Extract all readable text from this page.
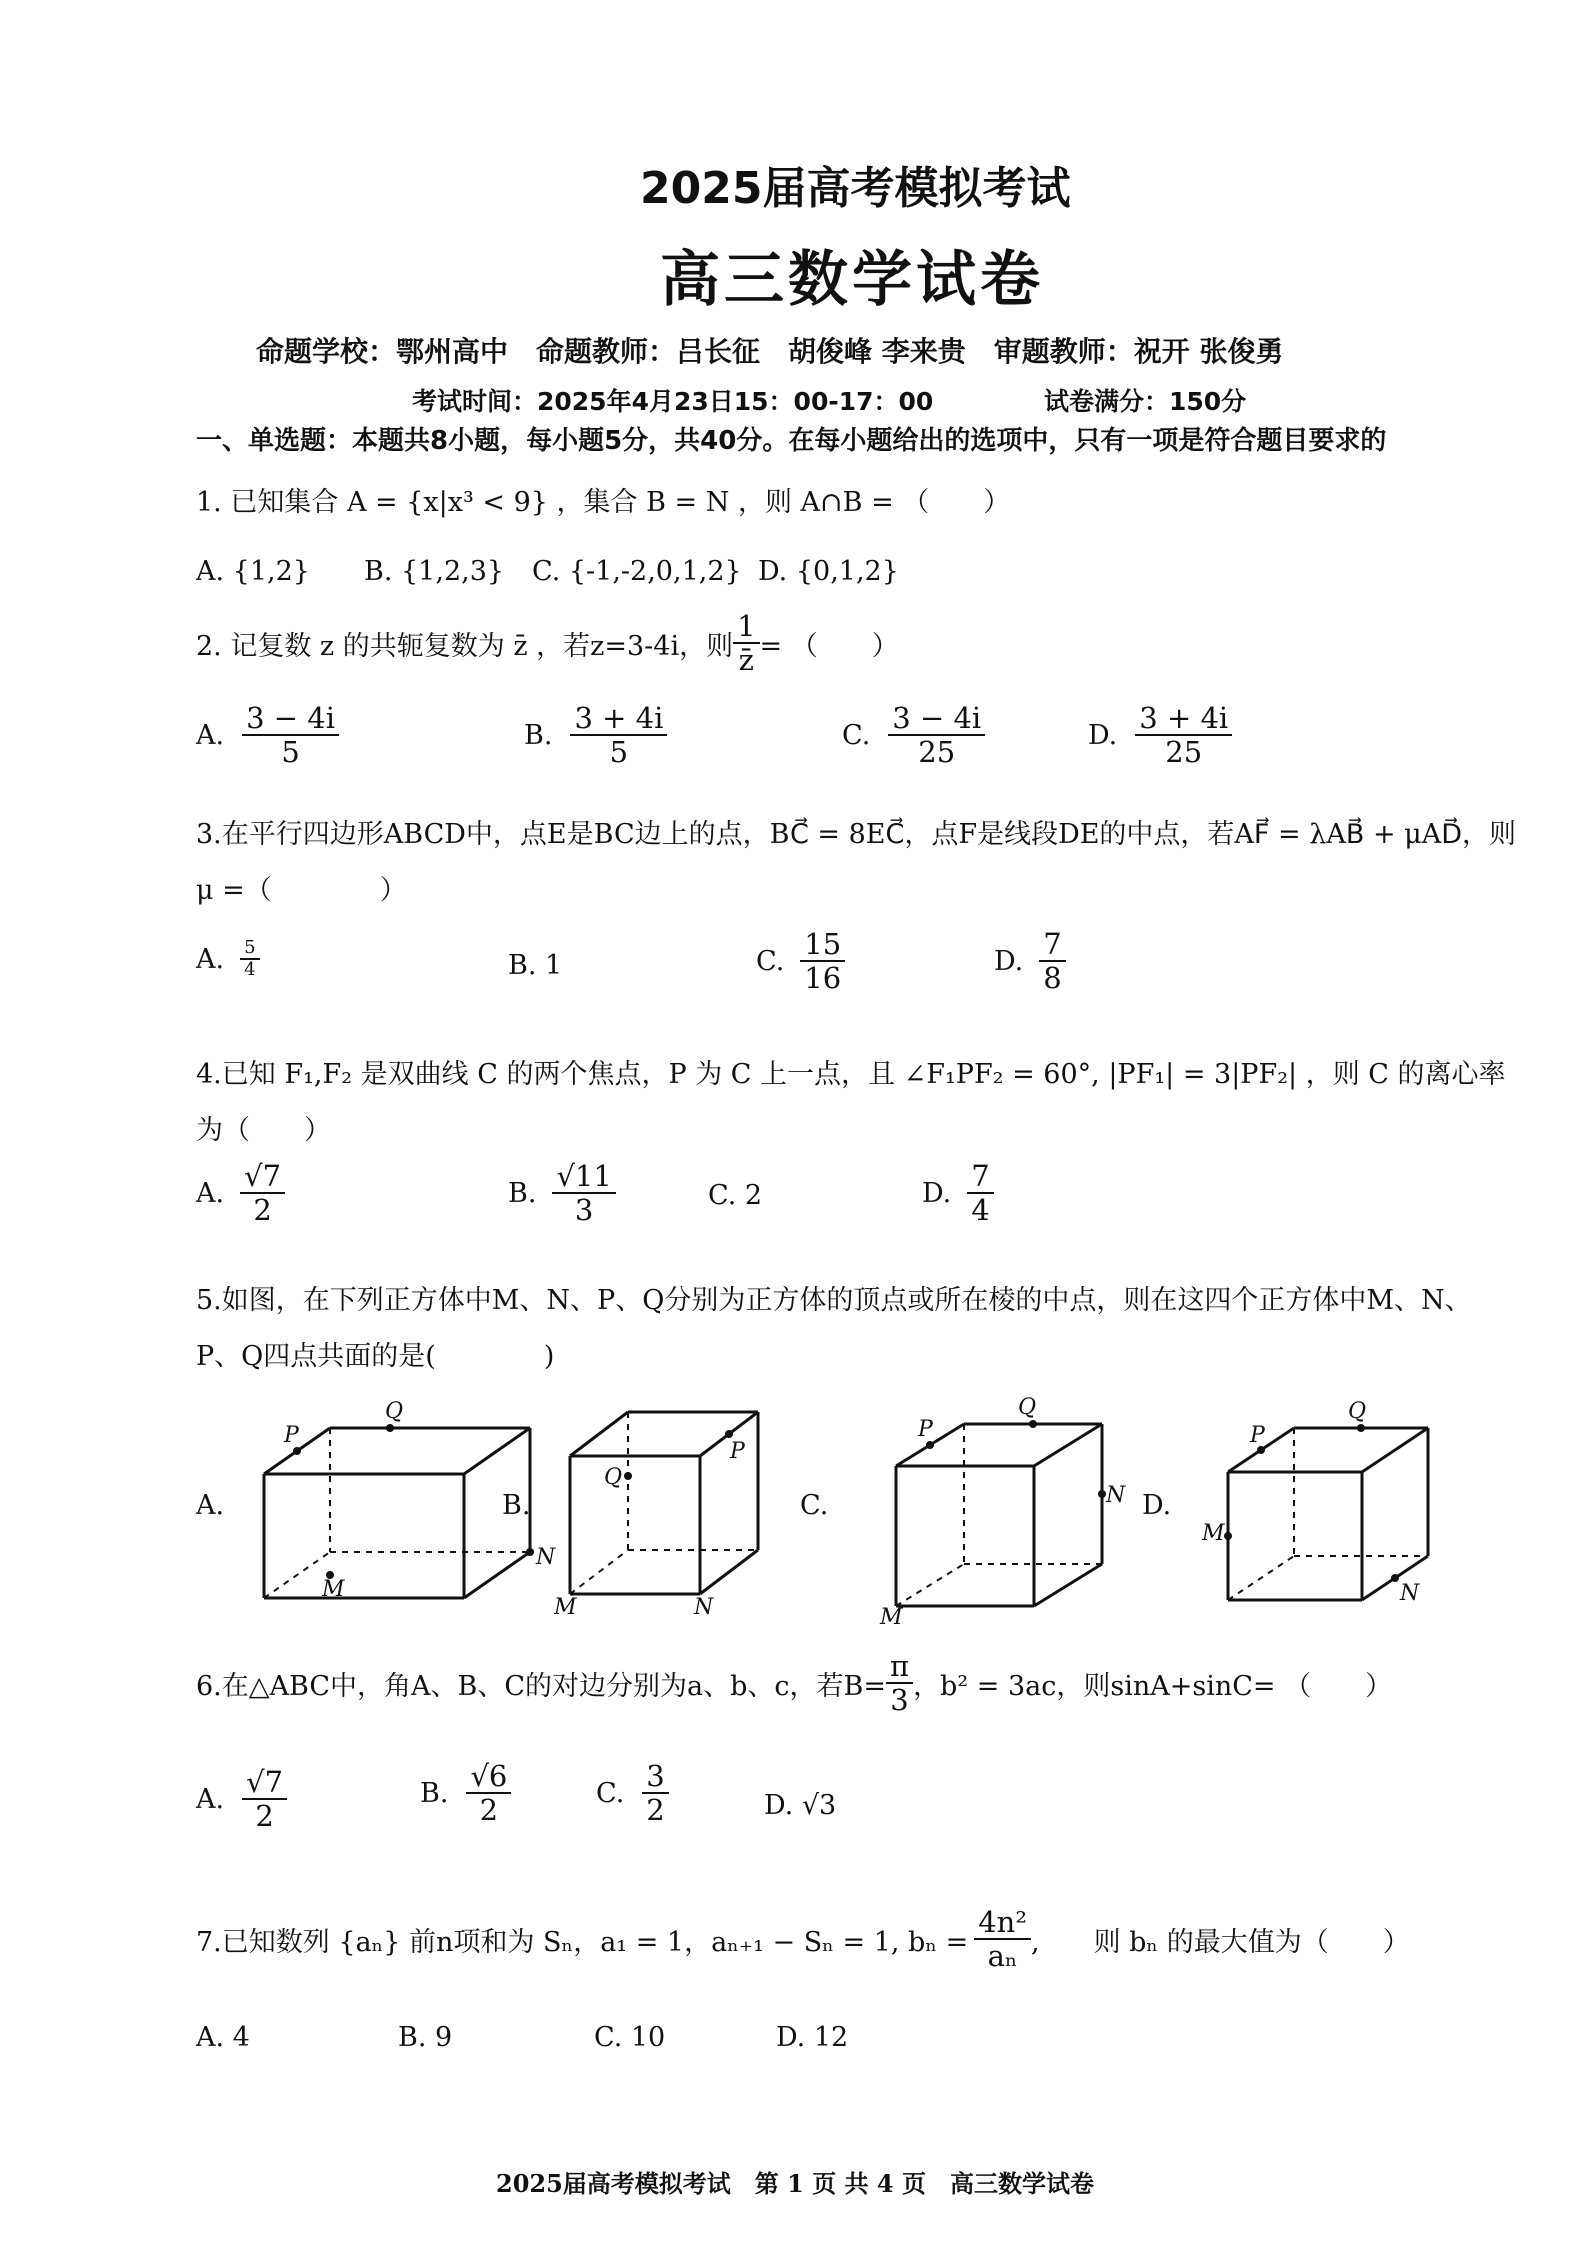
2025届高考模拟考试
高三数学试卷
命题学校：鄂州高中　命题教师：吕长征　胡俊峰 李来贵　审题教师：祝开 张俊勇
考试时间：2025年4月23日15：00-17：00	试卷满分：150分
一、单选题：本题共8小题，每小题5分，共40分。在每小题给出的选项中，只有一项是符合题目要求的
1. 已知集合 A = {x|x³ < 9} ，集合 B = N ，则 A∩B = （　　）
A. {1,2} B. {1,2,3} C. {-1,-2,0,1,2} D. {0,1,2}
2. 记复数 z 的共轭复数为 z̄ ，若z=3-4i，则 $\frac{1}{z̄}$ = （　　）
A. $\frac{3 - 4i}{5}$	B. $\frac{3 + 4i}{5}$	C. $\frac{3 - 4i}{25}$	D. $\frac{3 + 4i}{25}$
3.在平行四边形ABCD中，点E是BC边上的点，BC⃗ = 8EC⃗，点F是线段DE的中点，若AF⃗ = λAB⃗ + μAD⃗，则
μ =（　　　　）
A. $\frac{5}{4}$	B. 1	C. $\frac{15}{16}$	D. $\frac{7}{8}$
4.已知 F₁,F₂ 是双曲线 C 的两个焦点，P 为 C 上一点，且 ∠F₁PF₂ = 60°, |PF₁| = 3|PF₂| ，则 C 的离心率
为（　　）
A. $\frac{√7}{2}$	B. $\frac{√11}{3}$	C. 2	D. $\frac{7}{4}$
5.如图，在下列正方体中M、N、P、Q分别为正方体的顶点或所在棱的中点，则在这四个正方体中M、N、
P、Q四点共面的是(　　　　)
A.	B.	C.	D.
P
Q
M
N
P
Q
M	N
P
Q
M
N
P
Q
M
N
6.在△ABC中，角A、B、C的对边分别为a、b、c，若$B= \frac{\pi}{3}$ ，b² = 3ac，则sinA+sinC= （　　）
A. $\frac{√7}{2}$	B. $\frac{√6}{2}$	C. $\frac{3}{2}$	D. √3
7.已知数列 {aₙ} 前n项和为 Sₙ，a₁ = 1，aₙ₊₁ − Sₙ = 1, $b_n = \frac{\text{4n²}}{\text{aₙ}}$ ,　　则 bₙ 的最大值为（　　）
A. 4	B. 9	C. 10	D. 12
2025届高考模拟考试　第 1 页 共 4 页　高三数学试卷
